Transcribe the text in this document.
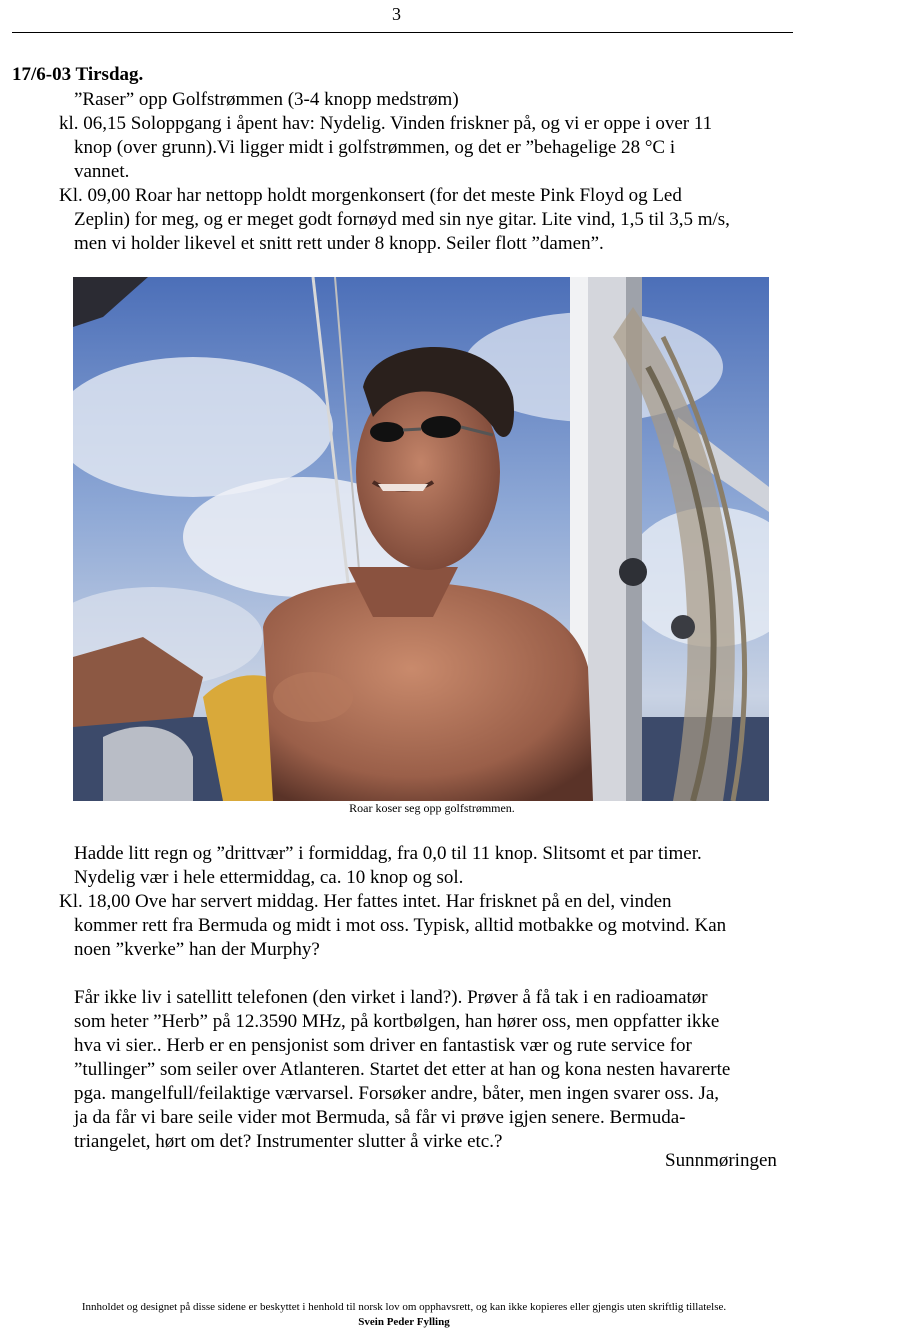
3
17/6-03 Tirsdag.
”Raser” opp Golfstrømmen (3-4 knopp medstrøm)
kl. 06,15 Soloppgang i åpent hav: Nydelig. Vinden friskner på, og vi er oppe i over 11
knop (over grunn).Vi ligger midt i golfstrømmen, og det er ”behagelige 28 °C i
vannet.
Kl. 09,00 Roar har nettopp holdt morgenkonsert (for det meste Pink Floyd og Led
Zeplin) for meg, og er meget godt fornøyd med sin nye gitar. Lite vind, 1,5 til 3,5 m/s,
men vi holder likevel et snitt rett under 8 knopp. Seiler flott ”damen”.
Roar koser seg opp golfstrømmen.
Hadde litt regn og ”drittvær” i formiddag, fra 0,0 til 11 knop. Slitsomt et par timer.
Nydelig vær i hele ettermiddag, ca. 10 knop og sol.
Kl. 18,00 Ove har servert middag. Her fattes intet. Har frisknet på en del, vinden
kommer rett fra Bermuda og midt i mot oss. Typisk, alltid motbakke og motvind. Kan
noen ”kverke” han der Murphy?
Får ikke liv i satellitt telefonen (den virket i land?). Prøver å få tak i en radioamatør
som heter ”Herb” på 12.3590 MHz, på kortbølgen, han hører oss, men oppfatter ikke
hva vi sier.. Herb er en pensjonist som driver en fantastisk vær og rute service for
”tullinger” som seiler over Atlanteren. Startet det etter at han og kona nesten havarerte
pga. mangelfull/feilaktige værvarsel. Forsøker andre, båter, men ingen svarer oss. Ja,
ja da får vi bare seile vider mot Bermuda, så får vi prøve igjen senere. Bermuda-
triangelet, hørt om det? Instrumenter slutter å virke etc.?
Sunnmøringen
Innholdet og designet på disse sidene er beskyttet i henhold til norsk lov om opphavsrett, og kan ikke kopieres eller gjengis uten skriftlig tillatelse.
Svein Peder Fylling
